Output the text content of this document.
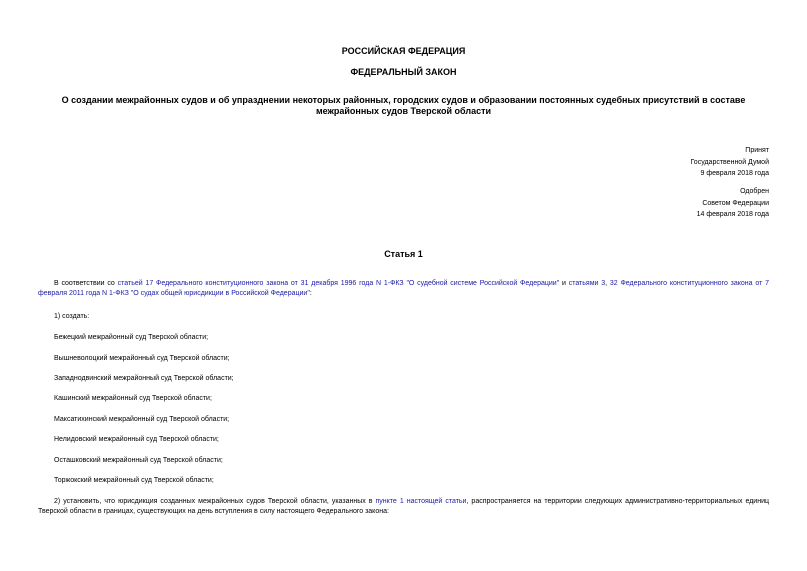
РОССИЙСКАЯ ФЕДЕРАЦИЯ
ФЕДЕРАЛЬНЫЙ ЗАКОН
О создании межрайонных судов и об упразднении некоторых районных, городских судов и образовании постоянных судебных присутствий в составе межрайонных судов Тверской области
Принят
Государственной Думой
9 февраля 2018 года
Одобрен
Советом Федерации
14 февраля 2018 года
Статья 1
В соответствии со статьей 17 Федерального конституционного закона от 31 декабря 1996 года N 1-ФКЗ "О судебной системе Российской Федерации" и статьями 3, 32 Федерального конституционного закона от 7 февраля 2011 года N 1-ФКЗ "О судах общей юрисдикции в Российской Федерации":
1) создать:
Бежецкий межрайонный суд Тверской области;
Вышневолоцкий межрайонный суд Тверской области;
Западнодвинский межрайонный суд Тверской области;
Кашинский межрайонный суд Тверской области;
Максатихинский межрайонный суд Тверской области;
Нелидовский межрайонный суд Тверской области;
Осташковский межрайонный суд Тверской области;
Торжокский межрайонный суд Тверской области;
2) установить, что юрисдикция созданных межрайонных судов Тверской области, указанных в пункте 1 настоящей статьи, распространяется на территории следующих административно-территориальных единиц Тверской области в границах, существующих на день вступления в силу настоящего Федерального закона:
